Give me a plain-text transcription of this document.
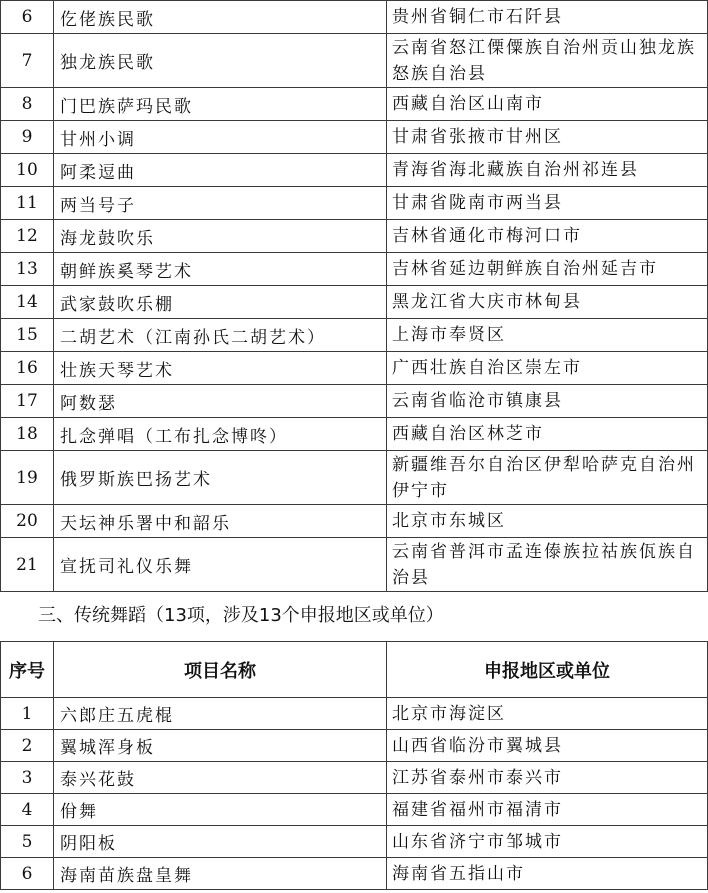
6	仡佬族民歌	贵州省铜仁市石阡县
7	独龙族民歌	云南省怒江傈僳族自治州贡山独龙族怒族自治县
8	门巴族萨玛民歌	西藏自治区山南市
9	甘州小调	甘肃省张掖市甘州区
10	阿柔逗曲	青海省海北藏族自治州祁连县
11	两当号子	甘肃省陇南市两当县
12	海龙鼓吹乐	吉林省通化市梅河口市
13	朝鲜族奚琴艺术	吉林省延边朝鲜族自治州延吉市
14	武家鼓吹乐棚	黑龙江省大庆市林甸县
15	二胡艺术（江南孙氏二胡艺术）	上海市奉贤区
16	壮族天琴艺术	广西壮族自治区崇左市
17	阿数瑟	云南省临沧市镇康县
18	扎念弹唱（工布扎念博咚）	西藏自治区林芝市
19	俄罗斯族巴扬艺术	新疆维吾尔自治区伊犁哈萨克自治州伊宁市
20	天坛神乐署中和韶乐	北京市东城区
21	宣抚司礼仪乐舞	云南省普洱市孟连傣族拉祜族佤族自治县
三、传统舞蹈（13项，涉及13个申报地区或单位）
序号	项目名称	申报地区或单位
1	六郎庄五虎棍	北京市海淀区
2	翼城浑身板	山西省临汾市翼城县
3	泰兴花鼓	江苏省泰州市泰兴市
4	佾舞	福建省福州市福清市
5	阴阳板	山东省济宁市邹城市
6	海南苗族盘皇舞	海南省五指山市
